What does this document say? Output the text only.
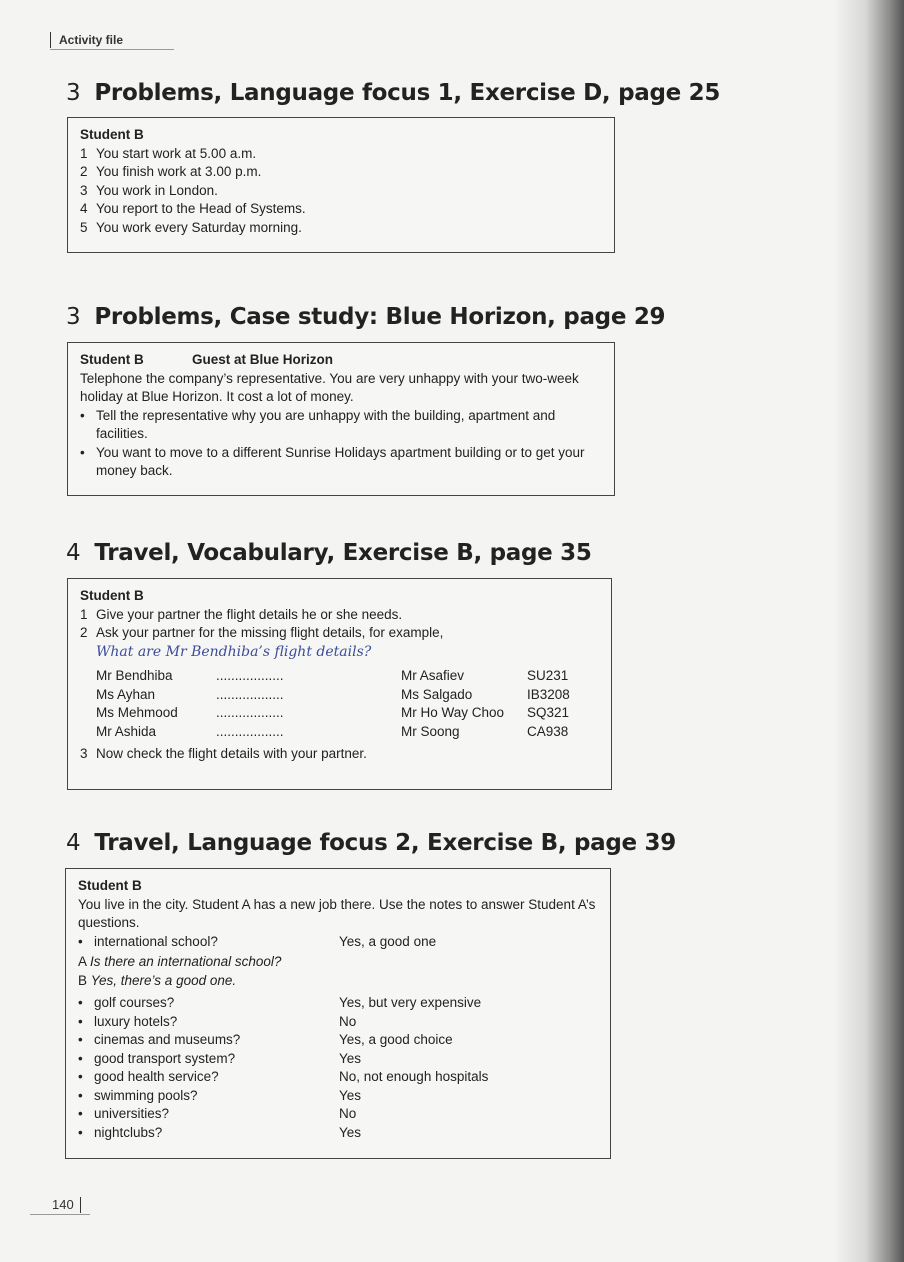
Activity file
3 Problems, Language focus 1, Exercise D, page 25
Student B
1 You start work at 5.00 a.m.
2 You finish work at 3.00 p.m.
3 You work in London.
4 You report to the Head of Systems.
5 You work every Saturday morning.
3 Problems, Case study: Blue Horizon, page 29
Student B	Guest at Blue Horizon
Telephone the company’s representative. You are very unhappy with your two-week holiday at Blue Horizon. It cost a lot of money.
• Tell the representative why you are unhappy with the building, apartment and facilities.
• You want to move to a different Sunrise Holidays apartment building or to get your money back.
4 Travel, Vocabulary, Exercise B, page 35
Student B
1 Give your partner the flight details he or she needs.
2 Ask your partner for the missing flight details, for example,
What are Mr Bendhiba’s flight details?
Mr Bendhiba	..................	Mr Asafiev	SU231
Ms Ayhan	..................	Ms Salgado	IB3208
Ms Mehmood	..................	Mr Ho Way Choo	SQ321
Mr Ashida	..................	Mr Soong	CA938
3 Now check the flight details with your partner.
4 Travel, Language focus 2, Exercise B, page 39
Student B
You live in the city. Student A has a new job there. Use the notes to answer Student A’s questions.
• international school?	Yes, a good one
A Is there an international school?
B Yes, there’s a good one.
• golf courses?	Yes, but very expensive
• luxury hotels?	No
• cinemas and museums?	Yes, a good choice
• good transport system?	Yes
• good health service?	No, not enough hospitals
• swimming pools?	Yes
• universities?	No
• nightclubs?	Yes
140
